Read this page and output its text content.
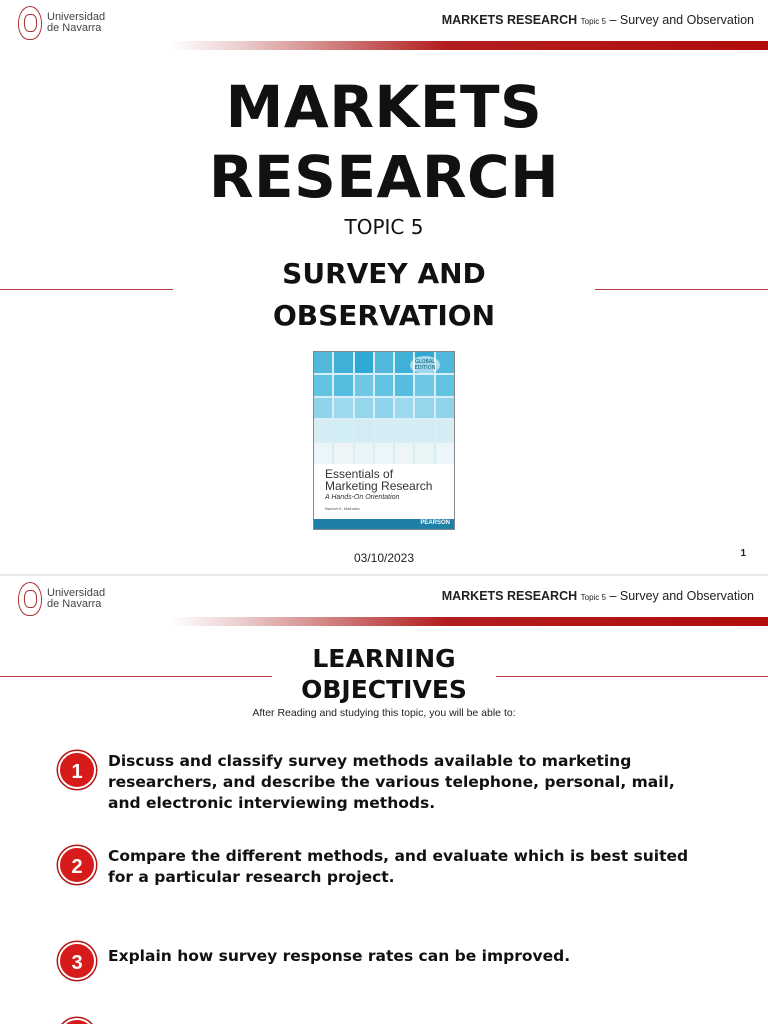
Universidad
de Navarra
MARKETS RESEARCH Topic 5 – Survey and Observation
MARKETS
RESEARCH
TOPIC 5
SURVEY AND
OBSERVATION
GLOBAL EDITION
Essentials of
Marketing Research
A Hands-On Orientation
Naresh K. Malhotra
PEARSON
03/10/2023	1
Universidad
de Navarra
MARKETS RESEARCH Topic 5 – Survey and Observation
LEARNING
OBJECTIVES
After Reading and studying this topic, you will be able to:
1	Discuss and classify survey methods available to marketing researchers, and describe the various telephone, personal, mail, and electronic interviewing methods.
2	Compare the different methods, and evaluate which is best suited for a particular research project.
3	Explain how survey response rates can be improved.
